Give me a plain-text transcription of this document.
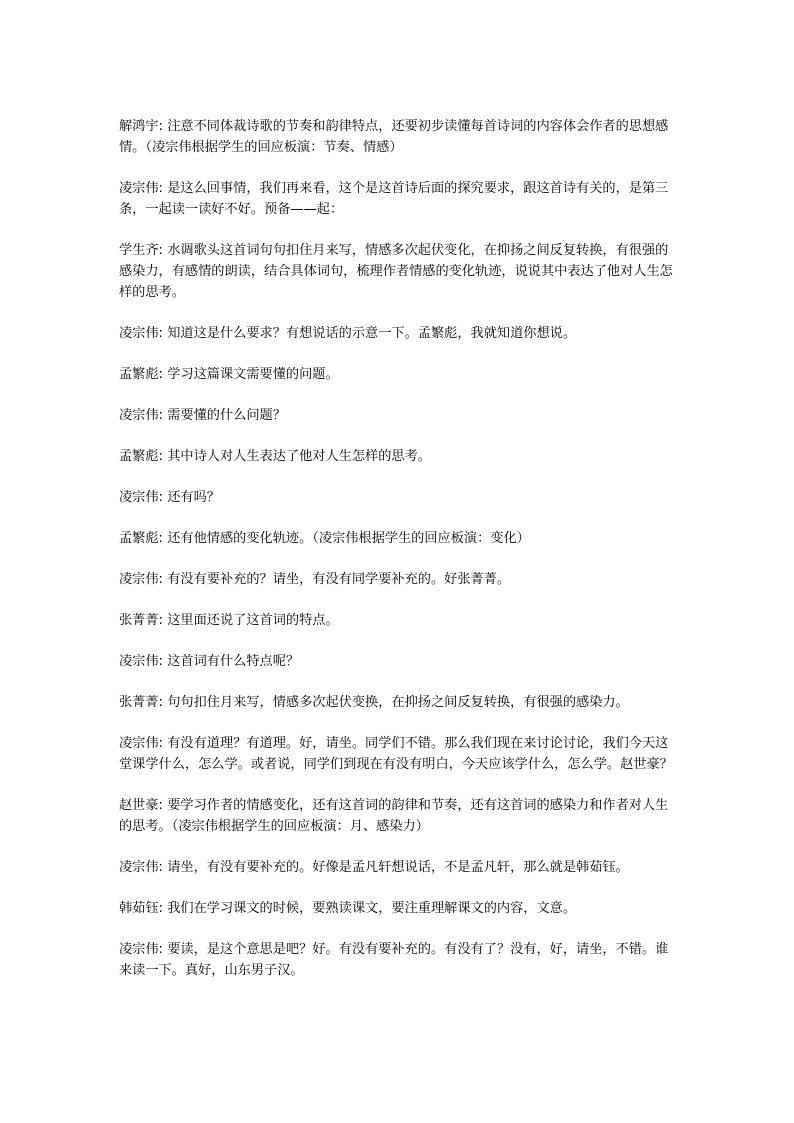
解鸿宇: 注意不同体裁诗歌的节奏和韵律特点，还要初步读懂每首诗词的内容体会作者的思想感情。（凌宗伟根据学生的回应板演：节奏、情感）

凌宗伟: 是这么回事情，我们再来看，这个是这首诗后面的探究要求，跟这首诗有关的，是第三条，一起读一读好不好。预备——起：

学生齐: 水调歌头这首词句句扣住月来写，情感多次起伏变化，在抑扬之间反复转换，有很强的感染力，有感情的朗读，结合具体词句，梳理作者情感的变化轨迹，说说其中表达了他对人生怎样的思考。

凌宗伟: 知道这是什么要求？有想说话的示意一下。孟繁彪，我就知道你想说。

孟繁彪: 学习这篇课文需要懂的问题。

凌宗伟: 需要懂的什么问题？

孟繁彪: 其中诗人对人生表达了他对人生怎样的思考。

凌宗伟: 还有吗？

孟繁彪: 还有他情感的变化轨迹。（凌宗伟根据学生的回应板演：变化）

凌宗伟: 有没有要补充的？请坐，有没有同学要补充的。好张菁菁。

张菁菁: 这里面还说了这首词的特点。

凌宗伟: 这首词有什么特点呢？

张菁菁: 句句扣住月来写，情感多次起伏变换，在抑扬之间反复转换，有很强的感染力。

凌宗伟: 有没有道理？有道理。好，请坐。同学们不错。那么我们现在来讨论讨论，我们今天这堂课学什么，怎么学。或者说，同学们到现在有没有明白，今天应该学什么，怎么学。赵世豪？

赵世豪: 要学习作者的情感变化，还有这首词的韵律和节奏，还有这首词的感染力和作者对人生的思考。（凌宗伟根据学生的回应板演：月、感染力）

凌宗伟: 请坐，有没有要补充的。好像是孟凡轩想说话，不是孟凡轩，那么就是韩茹钰。

韩茹钰: 我们在学习课文的时候，要熟读课文，要注重理解课文的内容，文意。

凌宗伟: 要读，是这个意思是吧？好。有没有要补充的。有没有了？没有，好，请坐，不错。谁来读一下。真好，山东男子汉。
